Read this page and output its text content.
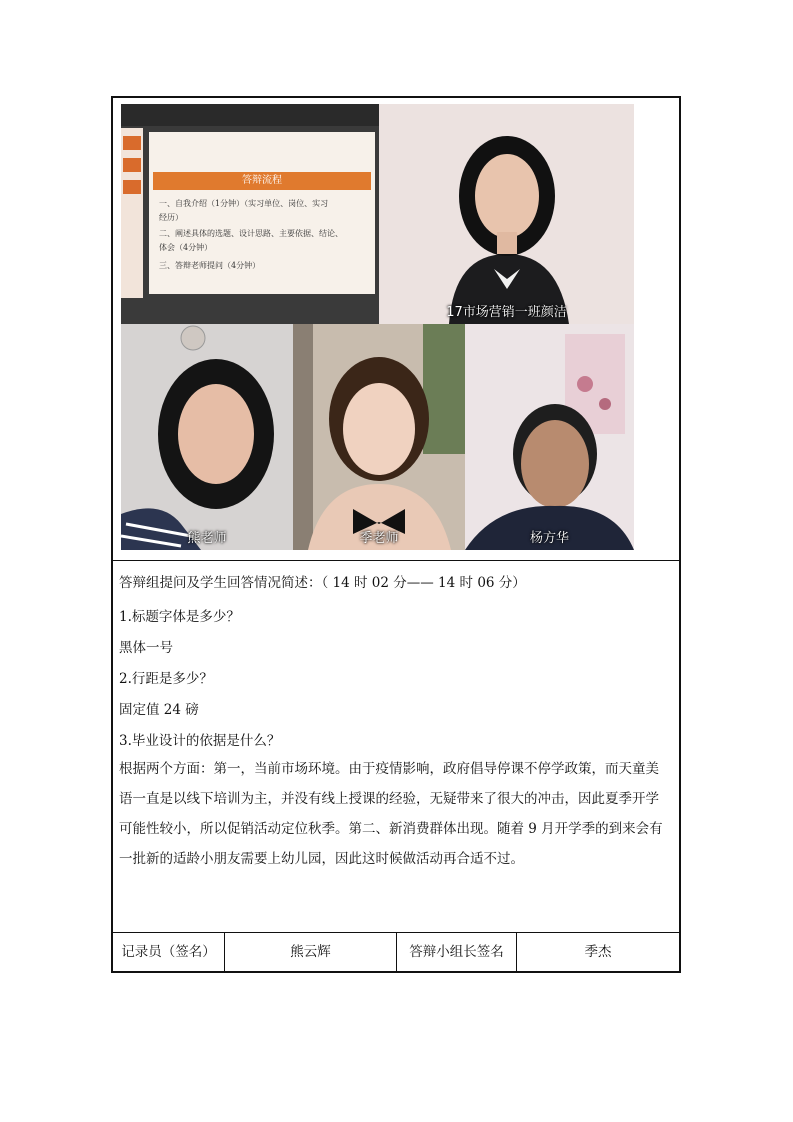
答辩流程
一、自我介绍（1分钟）（实习单位、岗位、实习
经历）
二、阐述具体的选题、设计思路、主要依据、结论、
体会（4分钟）
三、答辩老师提问（4分钟）
17市场营销一班颜洁
熊老师	季老师	杨方华

答辩组提问及学生回答情况简述：（ 14 时 02 分—— 14 时 06 分）

1.标题字体是多少？

黑体一号

2.行距是多少？

固定值 24 磅

3.毕业设计的依据是什么？

根据两个方面：第一，当前市场环境。由于疫情影响，政府倡导停课不停学政策，而天童美
语一直是以线下培训为主，并没有线上授课的经验，无疑带来了很大的冲击，因此夏季开学
可能性较小，所以促销活动定位秋季。第二、新消费群体出现。随着 9 月开学季的到来会有
一批新的适龄小朋友需要上幼儿园，因此这时候做活动再合适不过。
记录员（签名）	熊云辉	答辩小组长签名	季杰
